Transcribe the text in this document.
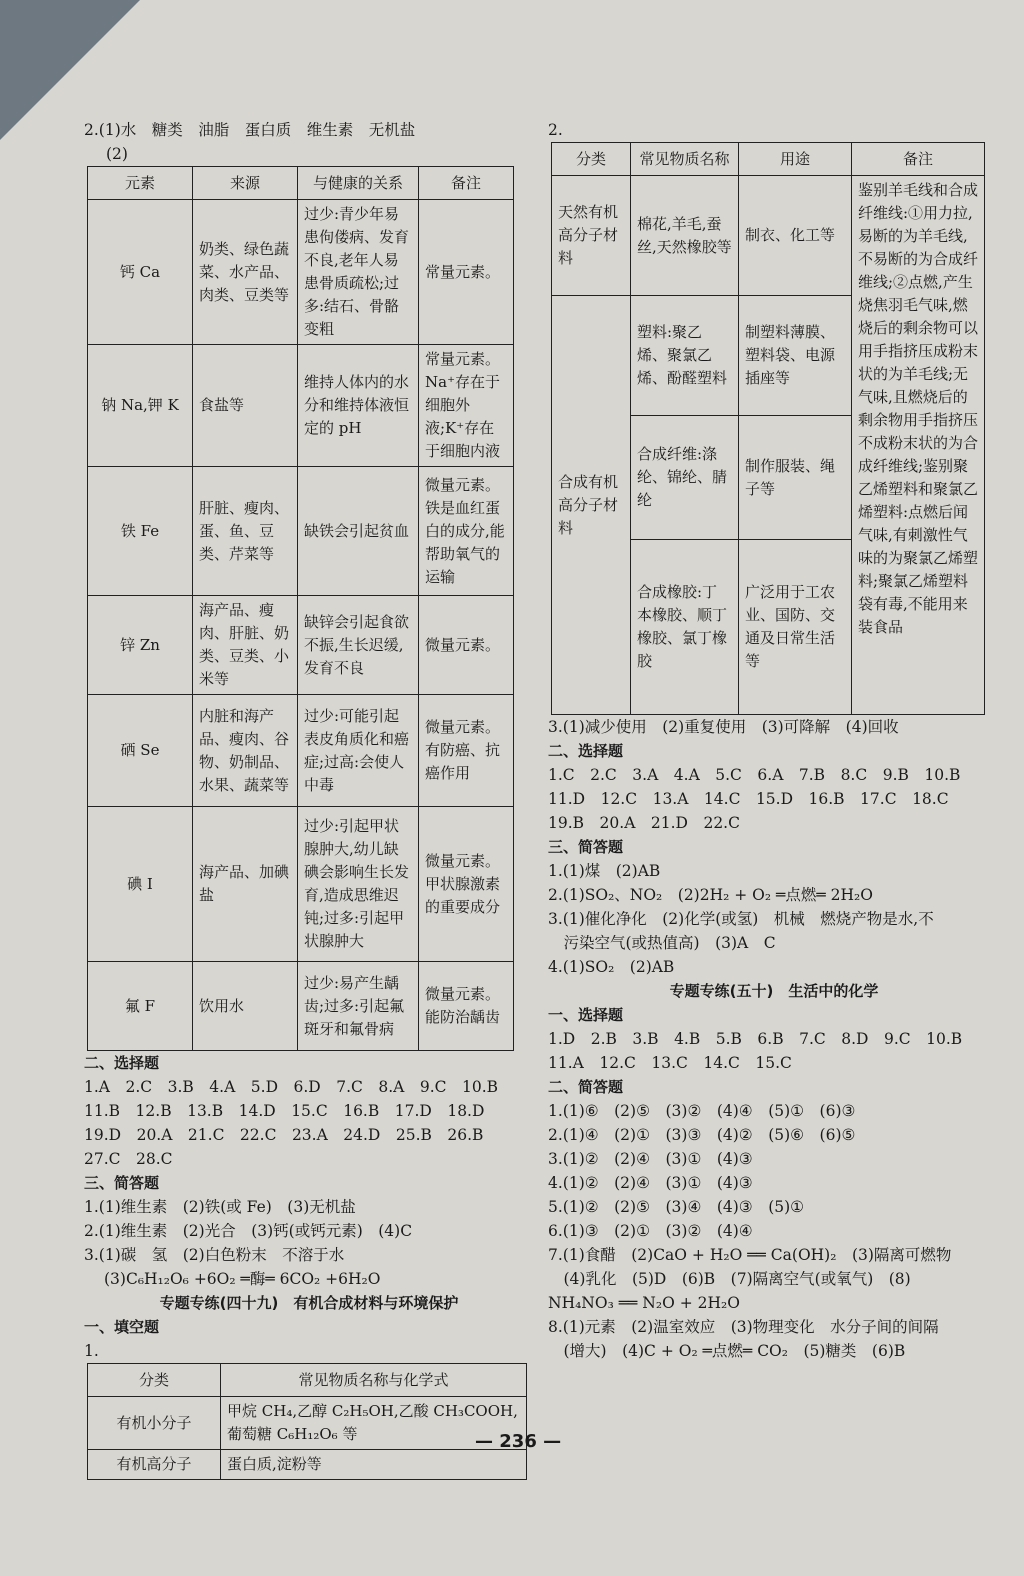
2.(1)水　糖类　油脂　蛋白质　维生素　无机盐
(2)
元素	来源	与健康的关系	备注
钙 Ca	奶类、绿色蔬菜、水产品、肉类、豆类等	过少:青少年易患佝偻病、发育不良,老年人易患骨质疏松;过多:结石、骨骼变粗	常量元素。
钠 Na,钾 K	食盐等	维持人体内的水分和维持体液恒定的 pH	常量元素。Na⁺存在于细胞外液;K⁺存在于细胞内液
铁 Fe	肝脏、瘦肉、蛋、鱼、豆类、芹菜等	缺铁会引起贫血	微量元素。铁是血红蛋白的成分,能帮助氧气的运输
锌 Zn	海产品、瘦肉、肝脏、奶类、豆类、小米等	缺锌会引起食欲不振,生长迟缓,发育不良	微量元素。
硒 Se	内脏和海产品、瘦肉、谷物、奶制品、水果、蔬菜等	过少:可能引起表皮角质化和癌症;过高:会使人中毒	微量元素。有防癌、抗癌作用
碘 I	海产品、加碘盐	过少:引起甲状腺肿大,幼儿缺碘会影响生长发育,造成思维迟钝;过多:引起甲状腺肿大	微量元素。甲状腺激素的重要成分
氟 F	饮用水	过少:易产生龋齿;过多:引起氟斑牙和氟骨病	微量元素。能防治龋齿
二、选择题
1.A　2.C　3.B　4.A　5.D　6.D　7.C　8.A　9.C　10.B
11.B　12.B　13.B　14.D　15.C　16.B　17.D　18.D
19.D　20.A　21.C　22.C　23.A　24.D　25.B　26.B
27.C　28.C
三、简答题
1.(1)维生素　(2)铁(或 Fe)　(3)无机盐
2.(1)维生素　(2)光合　(3)钙(或钙元素)　(4)C
3.(1)碳　氢　(2)白色粉末　不溶于水
(3)C₆H₁₂O₆ +6O₂ ═酶═ 6CO₂ +6H₂O
专题专练(四十九)　有机合成材料与环境保护
一、填空题
1.
分类	常见物质名称与化学式
有机小分子	甲烷 CH₄,乙醇 C₂H₅OH,乙酸 CH₃COOH,葡萄糖 C₆H₁₂O₆ 等
有机高分子	蛋白质,淀粉等
2.
分类	常见物质名称	用途	备注
天然有机高分子材料	棉花,羊毛,蚕丝,天然橡胶等	制衣、化工等	鉴别羊毛线和合成纤维线:①用力拉,易断的为羊毛线,不易断的为合成纤维线;②点燃,产生烧焦羽毛气味,燃烧后的剩余物可以用手指挤压成粉末状的为羊毛线;无气味,且燃烧后的剩余物用手指挤压不成粉末状的为合成纤维线;鉴别聚乙烯塑料和聚氯乙烯塑料:点燃后闻气味,有刺激性气味的为聚氯乙烯塑料;聚氯乙烯塑料袋有毒,不能用来装食品
合成有机高分子材料	塑料:聚乙烯、聚氯乙烯、酚醛塑料	制塑料薄膜、塑料袋、电源插座等	
	合成纤维:涤纶、锦纶、腈纶	制作服装、绳子等	
	合成橡胶:丁本橡胶、顺丁橡胶、氯丁橡胶	广泛用于工农业、国防、交通及日常生活等	
3.(1)减少使用　(2)重复使用　(3)可降解　(4)回收
二、选择题
1.C　2.C　3.A　4.A　5.C　6.A　7.B　8.C　9.B　10.B
11.D　12.C　13.A　14.C　15.D　16.B　17.C　18.C
19.B　20.A　21.D　22.C
三、简答题
1.(1)煤　(2)AB
2.(1)SO₂、NO₂　(2)2H₂ + O₂ ═点燃═ 2H₂O
3.(1)催化净化　(2)化学(或氢)　机械　燃烧产物是水,不
　污染空气(或热值高)　(3)A　C
4.(1)SO₂　(2)AB
专题专练(五十)　生活中的化学
一、选择题
1.D　2.B　3.B　4.B　5.B　6.B　7.C　8.D　9.C　10.B
11.A　12.C　13.C　14.C　15.C
二、简答题
1.(1)⑥　(2)⑤　(3)②　(4)④　(5)①　(6)③
2.(1)④　(2)①　(3)③　(4)②　(5)⑥　(6)⑤
3.(1)②　(2)④　(3)①　(4)③
4.(1)②　(2)④　(3)①　(4)③
5.(1)②　(2)⑤　(3)④　(4)③　(5)①
6.(1)③　(2)①　(3)②　(4)④
7.(1)食醋　(2)CaO + H₂O ══ Ca(OH)₂　(3)隔离可燃物
　(4)乳化　(5)D　(6)B　(7)隔离空气(或氧气)　(8)
NH₄NO₃ ══ N₂O + 2H₂O
8.(1)元素　(2)温室效应　(3)物理变化　水分子间的间隔
　(增大)　(4)C + O₂ ═点燃═ CO₂　(5)糖类　(6)B
— 236 —
